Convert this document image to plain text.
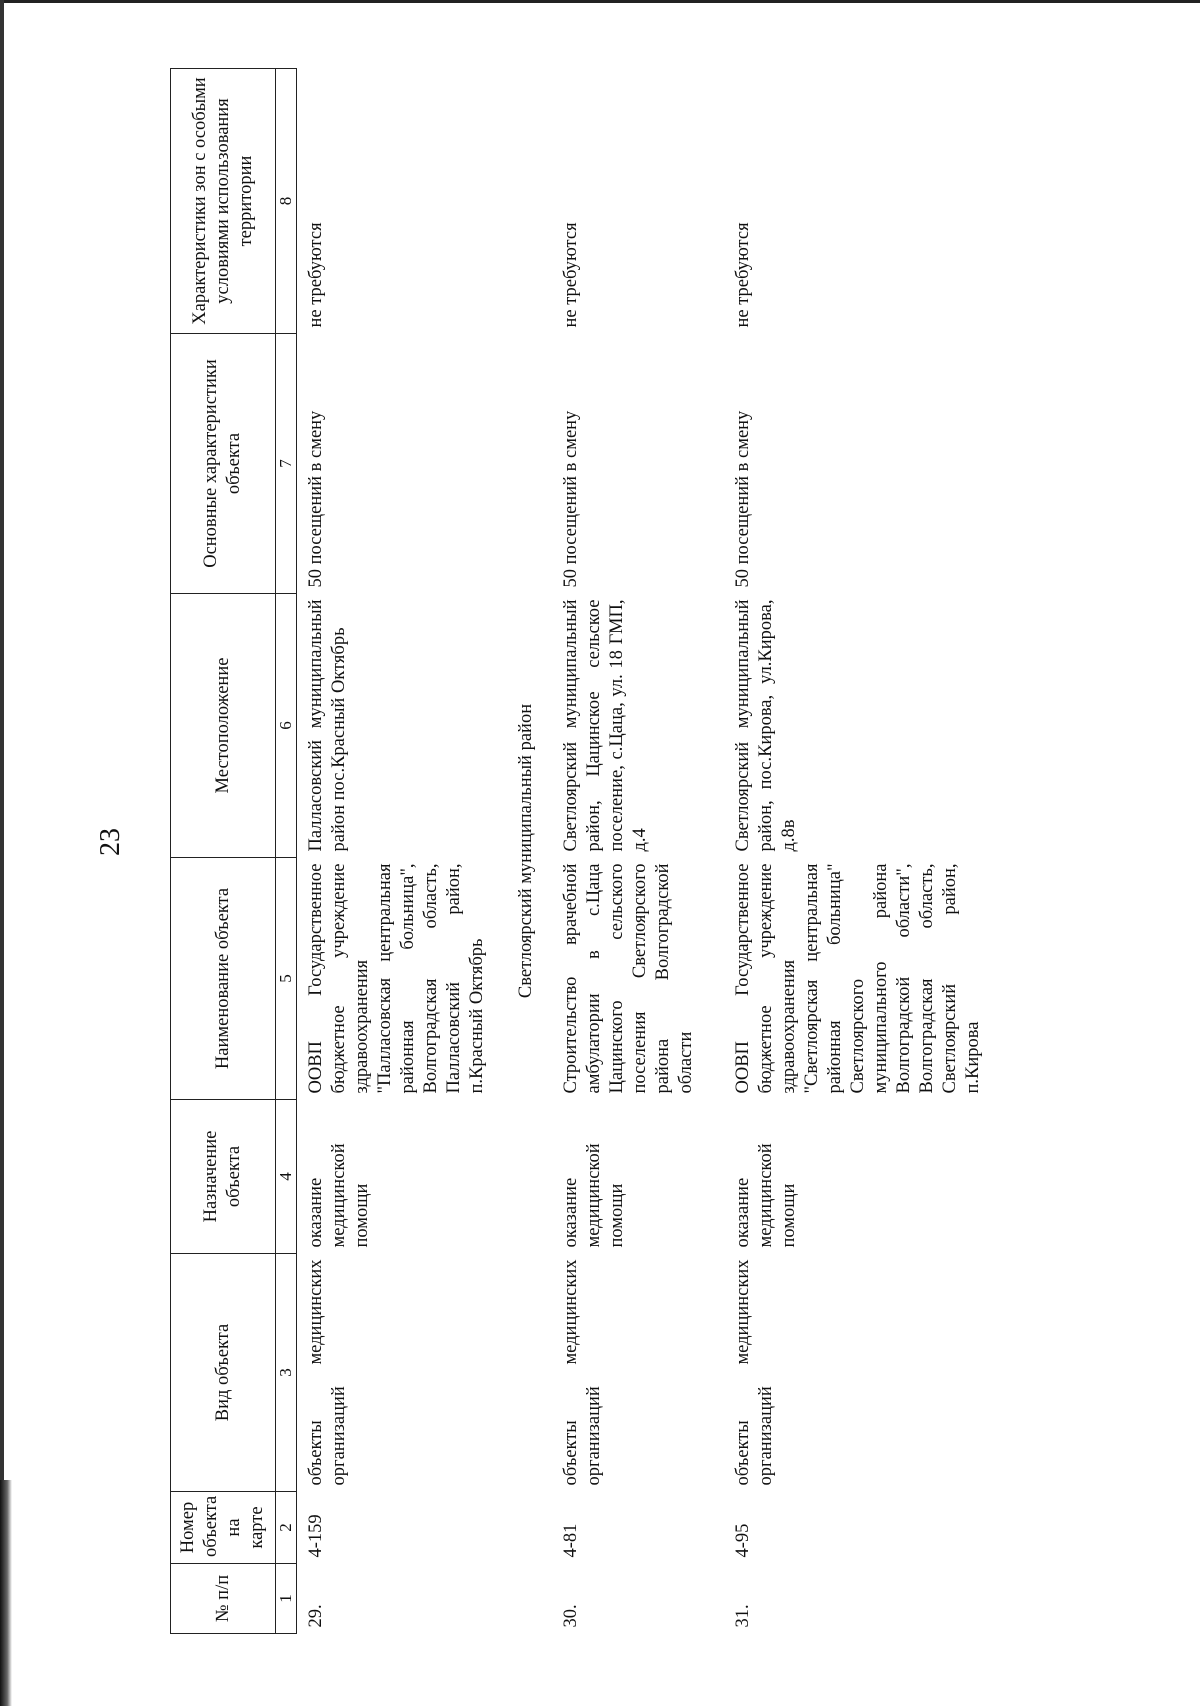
23
№ п/п	Номер объекта на карте	Вид объекта	Назначение объекта	Наименование объекта	Местоположение	Основные характеристики объекта	Характеристики зон с особыми условиями использования территории
1	2	3	4	5	6	7	8
29.	4-159	объекты медицинских организаций	оказание медицинской помощи	ООВП Государственное бюджетное учреждение здравоохранения "Палласовская центральная районная больница", Волгоградская область, Палласовский район, п.Красный Октябрь	Палласовский муниципальный район пос.Красный Октябрь	50 посещений в смену	не требуются
Светлоярский муниципальный район							
30.	4-81	объекты медицинских организаций	оказание медицинской помощи	Строительство врачебной амбулатории в с.Цаца Цацинского сельского поселения Светлоярского района Волгоградской области	Светлоярский муниципальный район, Цацинское сельское поселение, с.Цаца, ул. 18 ГМП, д.4	50 посещений в смену	не требуются
31.	4-95	объекты медицинских организаций	оказание медицинской помощи	ООВП Государственное бюджетное учреждение здравоохранения "Светлоярская центральная районная больница" Светлоярского муниципального района Волгоградской области", Волгоградская область, Светлоярский район, п.Кирова	Светлоярский муниципальный район, пос.Кирова, ул.Кирова, д.8в	50 посещений в смену	не требуются
